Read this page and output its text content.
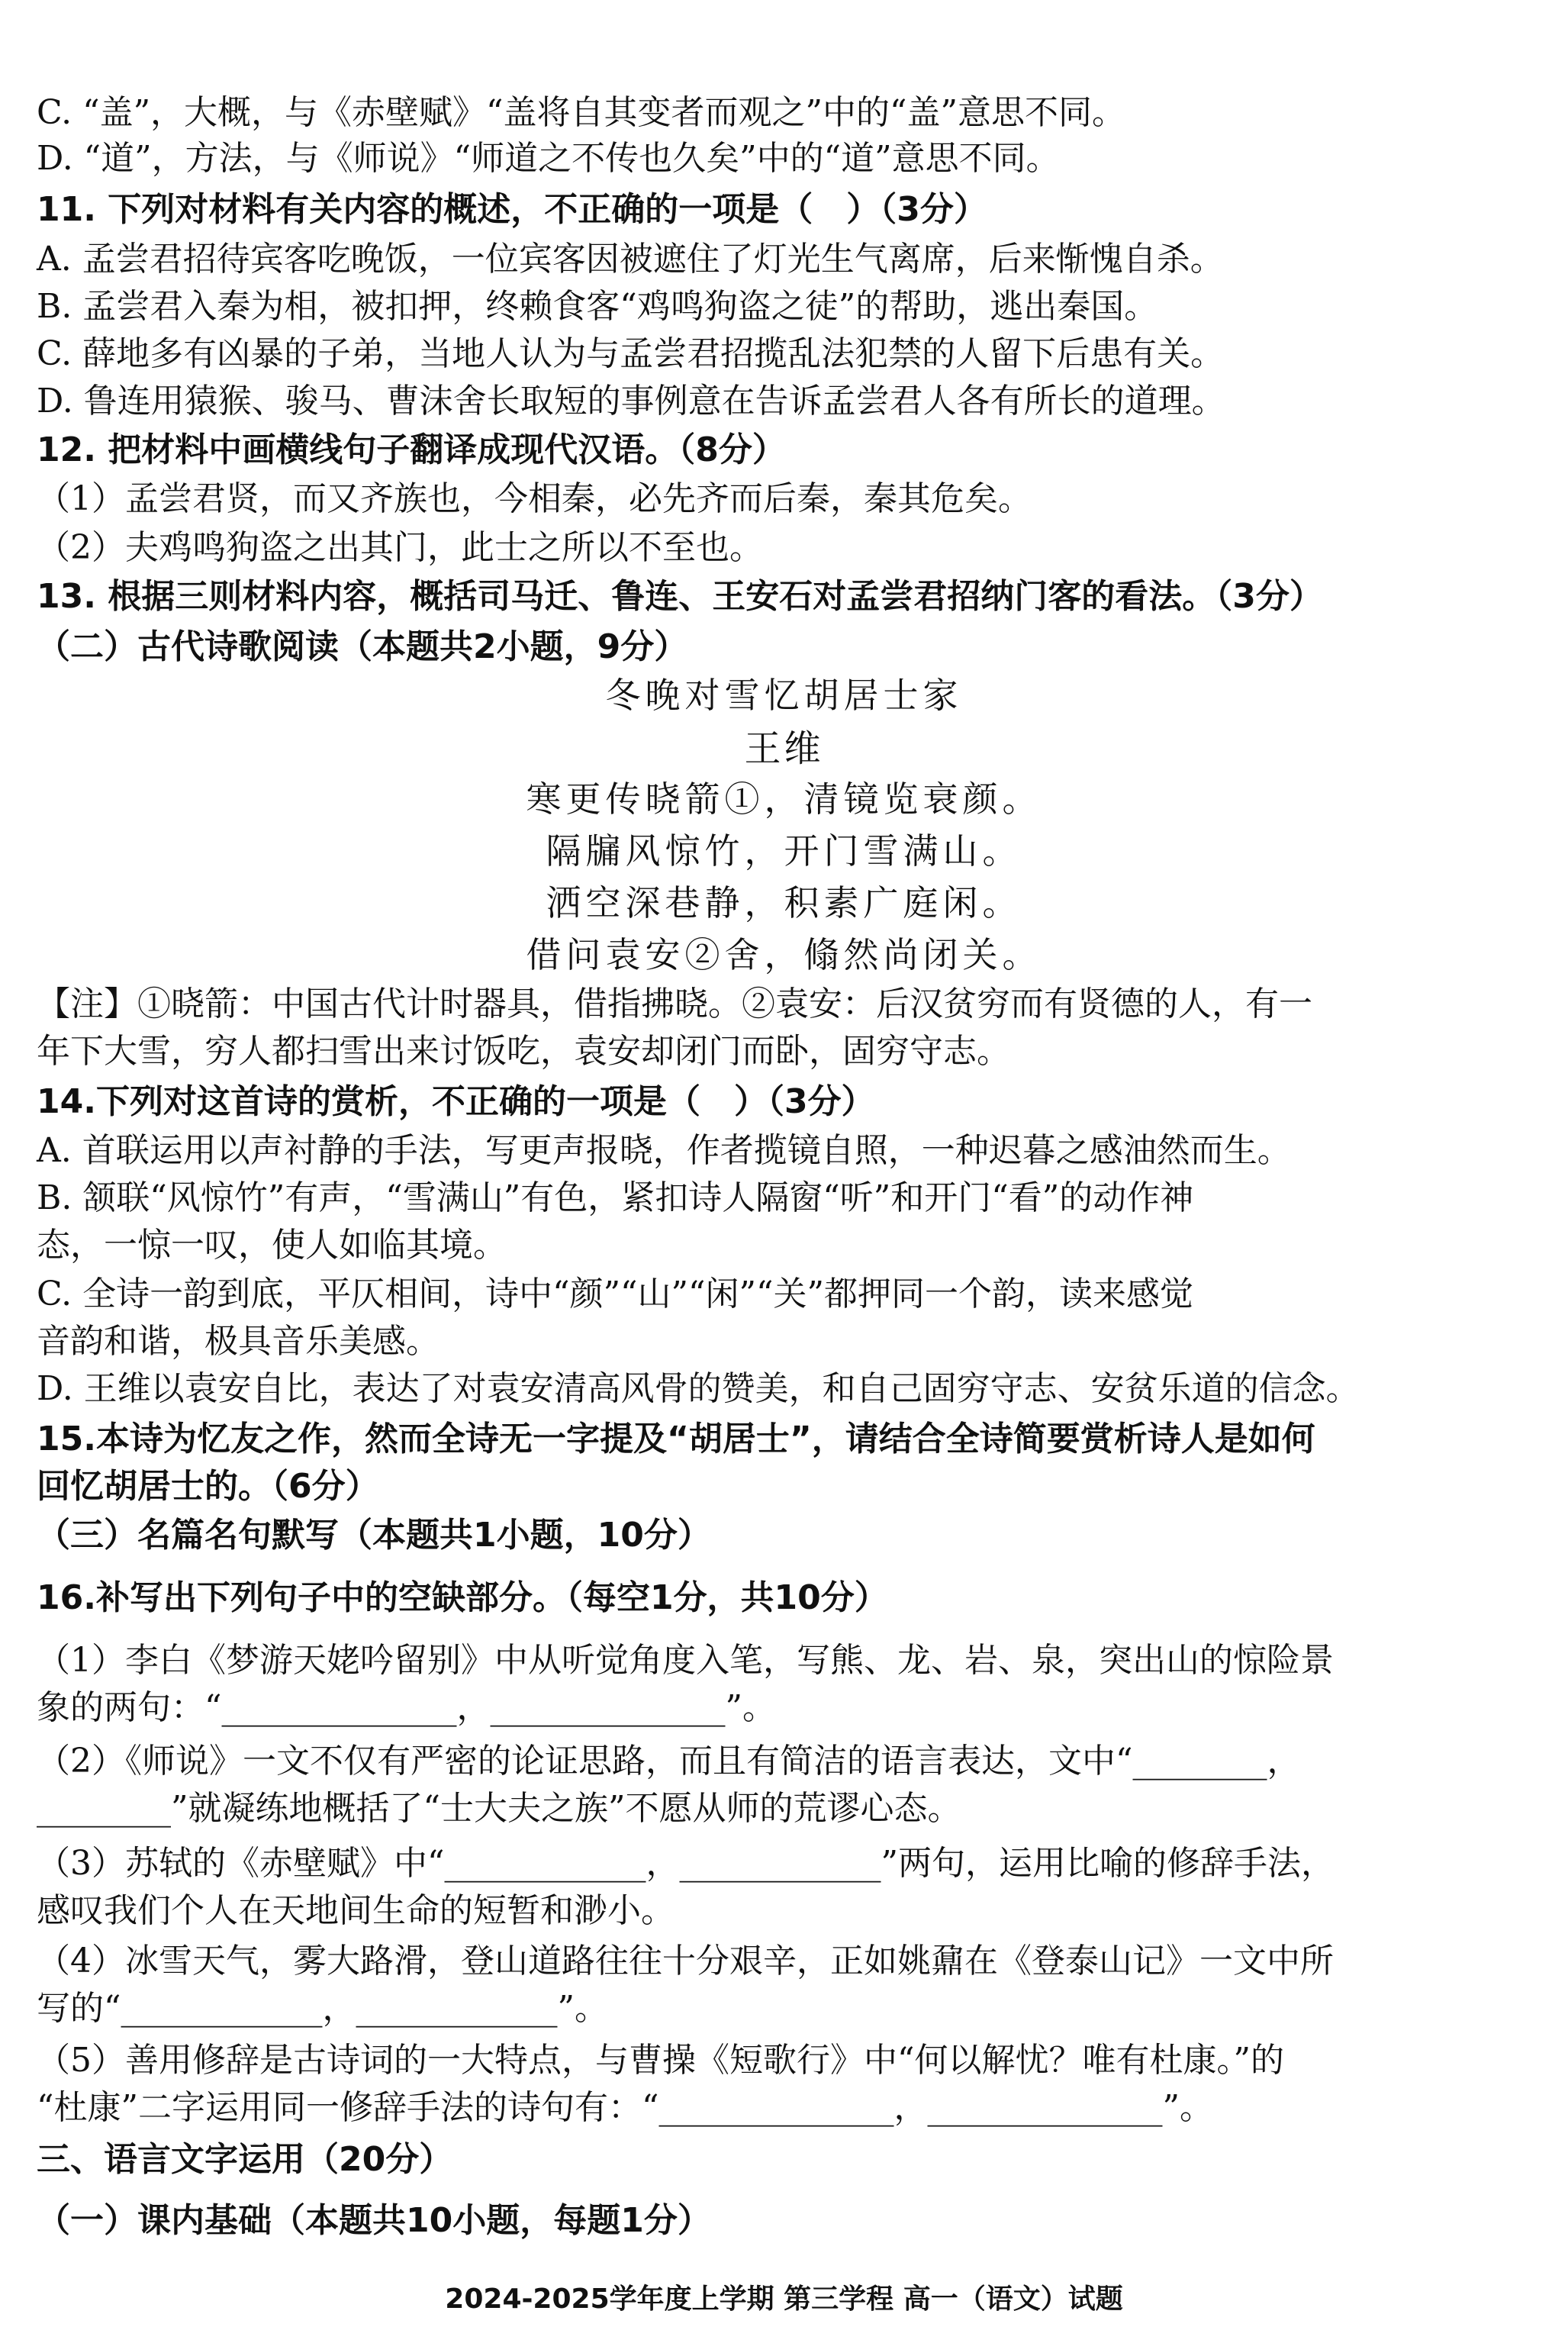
C. “盖”，大概，与《赤壁赋》“盖将自其变者而观之”中的“盖”意思不同。
D. “道”，方法，与《师说》“师道之不传也久矣”中的“道”意思不同。
11. 下列对材料有关内容的概述，不正确的一项是（　）（3分）
A. 孟尝君招待宾客吃晚饭，一位宾客因被遮住了灯光生气离席，后来惭愧自杀。
B. 孟尝君入秦为相，被扣押，终赖食客“鸡鸣狗盗之徒”的帮助，逃出秦国。
C. 薛地多有凶暴的子弟，当地人认为与孟尝君招揽乱法犯禁的人留下后患有关。
D. 鲁连用猿猴、骏马、曹沫舍长取短的事例意在告诉孟尝君人各有所长的道理。
12. 把材料中画横线句子翻译成现代汉语。（8分）
（1）孟尝君贤，而又齐族也，今相秦，必先齐而后秦，秦其危矣。
（2）夫鸡鸣狗盗之出其门，此士之所以不至也。
13. 根据三则材料内容，概括司马迁、鲁连、王安石对孟尝君招纳门客的看法。（3分）
（二）古代诗歌阅读（本题共2小题，9分）
冬晚对雪忆胡居士家
王维
寒更传晓箭①，清镜览衰颜。
隔牖风惊竹，开门雪满山。
洒空深巷静，积素广庭闲。
借问袁安②舍，翛然尚闭关。
【注】①晓箭：中国古代计时器具，借指拂晓。②袁安：后汉贫穷而有贤德的人，有一
年下大雪，穷人都扫雪出来讨饭吃，袁安却闭门而卧，固穷守志。
14.下列对这首诗的赏析，不正确的一项是（　）（3分）
A. 首联运用以声衬静的手法，写更声报晓，作者揽镜自照，一种迟暮之感油然而生。
B. 颔联“风惊竹”有声，“雪满山”有色，紧扣诗人隔窗“听”和开门“看”的动作神
态，一惊一叹，使人如临其境。
C. 全诗一韵到底，平仄相间，诗中“颜”“山”“闲”“关”都押同一个韵，读来感觉
音韵和谐，极具音乐美感。
D. 王维以袁安自比，表达了对袁安清高风骨的赞美，和自己固穷守志、安贫乐道的信念。
15.本诗为忆友之作，然而全诗无一字提及“胡居士”，请结合全诗简要赏析诗人是如何
回忆胡居士的。（6分）
（三）名篇名句默写（本题共1小题，10分）
16.补写出下列句子中的空缺部分。（每空1分，共10分）
（1）李白《梦游天姥吟留别》中从听觉角度入笔，写熊、龙、岩、泉，突出山的惊险景
象的两句：“______________，______________”。
（2）《师说》一文不仅有严密的论证思路，而且有简洁的语言表达，文中“________，
________”就凝练地概括了“士大夫之族”不愿从师的荒谬心态。
（3）苏轼的《赤壁赋》中“____________，____________”两句，运用比喻的修辞手法，
感叹我们个人在天地间生命的短暂和渺小。
（4）冰雪天气，雾大路滑，登山道路往往十分艰辛，正如姚鼐在《登泰山记》一文中所
写的“____________，____________”。
（5）善用修辞是古诗词的一大特点，与曹操《短歌行》中“何以解忧？唯有杜康。”的
“杜康”二字运用同一修辞手法的诗句有：“______________，______________”。
三、语言文字运用（20分）
（一）课内基础（本题共10小题，每题1分）
2024-2025学年度上学期 第三学程 高一（语文）试题
